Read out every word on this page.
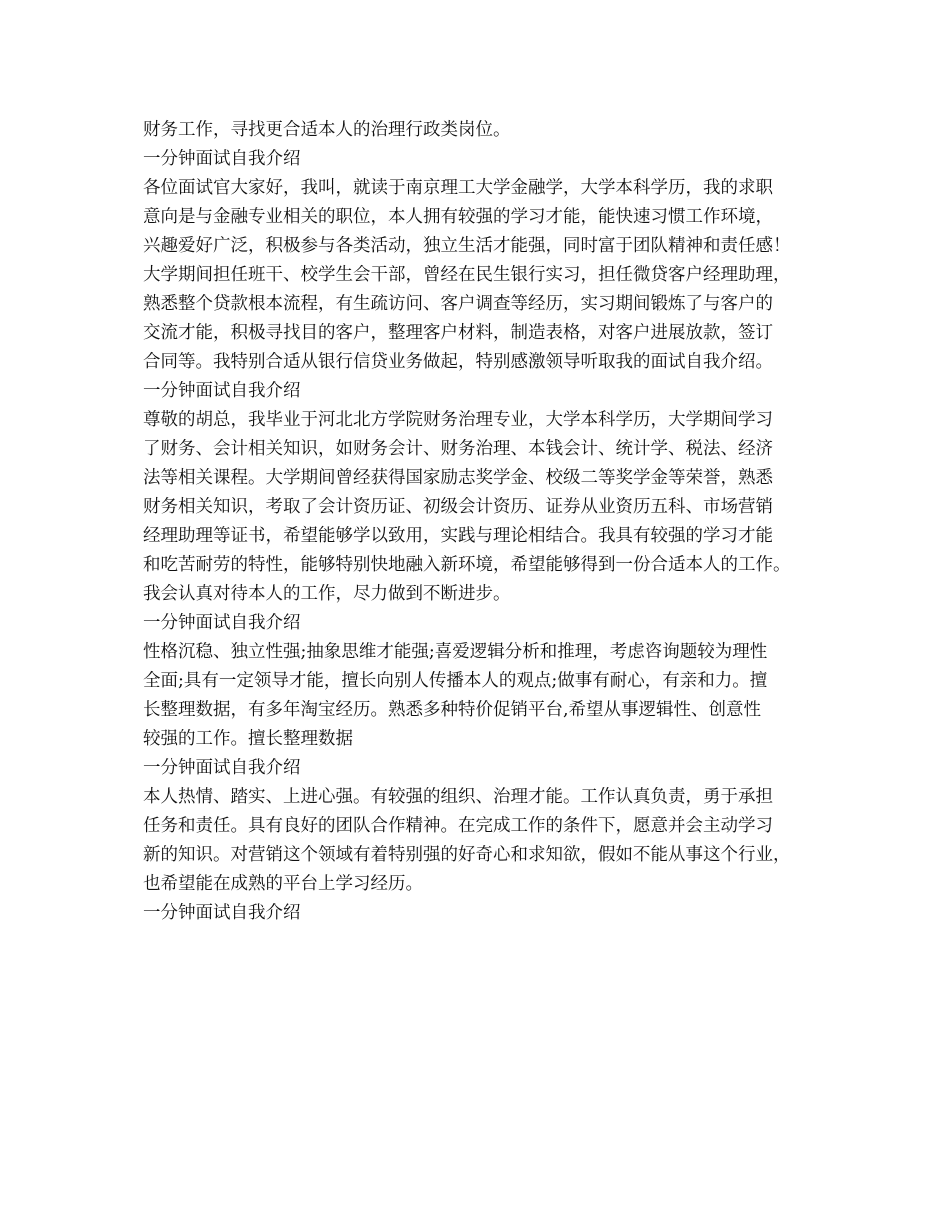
财务工作，寻找更合适本人的治理行政类岗位。
一分钟面试自我介绍
各位面试官大家好，我叫，就读于南京理工大学金融学，大学本科学历，我的求职
意向是与金融专业相关的职位，本人拥有较强的学习才能，能快速习惯工作环境，
兴趣爱好广泛，积极参与各类活动，独立生活才能强，同时富于团队精神和责任感！
大学期间担任班干、校学生会干部，曾经在民生银行实习，担任微贷客户经理助理，
熟悉整个贷款根本流程，有生疏访问、客户调查等经历，实习期间锻炼了与客户的
交流才能，积极寻找目的客户，整理客户材料，制造表格，对客户进展放款，签订
合同等。我特别合适从银行信贷业务做起，特别感激领导听取我的面试自我介绍。
一分钟面试自我介绍
尊敬的胡总，我毕业于河北北方学院财务治理专业，大学本科学历，大学期间学习
了财务、会计相关知识，如财务会计、财务治理、本钱会计、统计学、税法、经济
法等相关课程。大学期间曾经获得国家励志奖学金、校级二等奖学金等荣誉，熟悉
财务相关知识，考取了会计资历证、初级会计资历、证券从业资历五科、市场营销
经理助理等证书，希望能够学以致用，实践与理论相结合。我具有较强的学习才能
和吃苦耐劳的特性，能够特别快地融入新环境，希望能够得到一份合适本人的工作。
我会认真对待本人的工作，尽力做到不断进步。
一分钟面试自我介绍
性格沉稳、独立性强;抽象思维才能强;喜爱逻辑分析和推理，考虑咨询题较为理性
全面;具有一定领导才能，擅长向别人传播本人的观点;做事有耐心，有亲和力。擅
长整理数据，有多年淘宝经历。熟悉多种特价促销平台,希望从事逻辑性、创意性
较强的工作。擅长整理数据
一分钟面试自我介绍
本人热情、踏实、上进心强。有较强的组织、治理才能。工作认真负责，勇于承担
任务和责任。具有良好的团队合作精神。在完成工作的条件下，愿意并会主动学习
新的知识。对营销这个领域有着特别强的好奇心和求知欲，假如不能从事这个行业，
也希望能在成熟的平台上学习经历。
一分钟面试自我介绍
